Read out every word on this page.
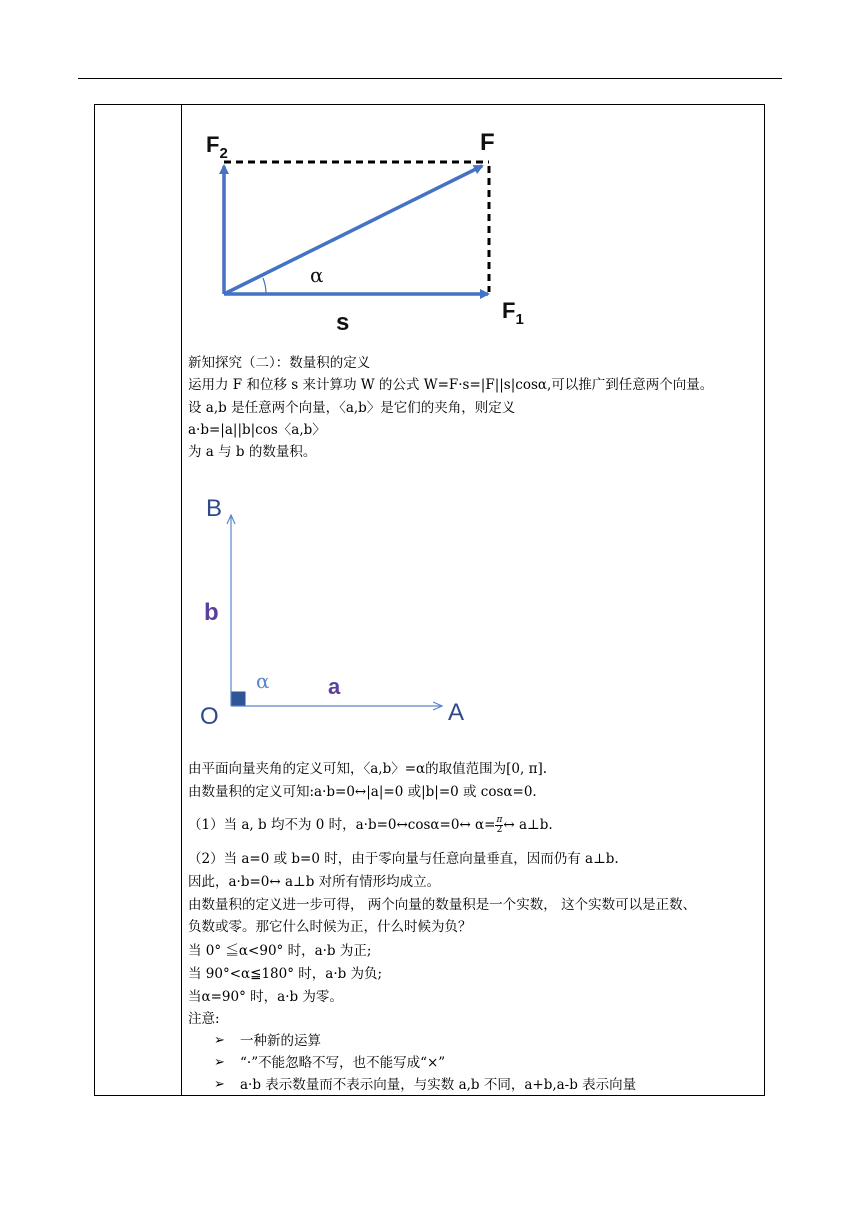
$F_2$	F
$F_1$
α
s
新知探究（二）：数量积的定义
运用力 F 和位移 s 来计算功 W 的公式 W=F·s=|F||s|cosα,可以推广到任意两个向量。
设 a,b 是任意两个向量，〈a,b〉是它们的夹角，则定义
a·b=|a||b|cos〈a,b〉
为 a 与 b 的数量积。
B
b
α	a
O	A
由平面向量夹角的定义可知，〈a,b〉=α的取值范围为[0, π].
由数量积的定义可知:a·b=0↔|a|=0 或|b|=0 或 cosα=0.
（1）当 a, b 均不为 0 时，a·b=0↔cosα=0↔ $\alpha= \frac{\pi}{2}$ ↔ a⊥b.
（2）当 a=0 或 b=0 时，由于零向量与任意向量垂直，因而仍有 a⊥b.
因此，a·b=0↔ a⊥b 对所有情形均成立。
由数量积的定义进一步可得， 两个向量的数量积是一个实数， 这个实数可以是正数、
负数或零。那它什么时候为正，什么时候为负？
当 0° ≦α<90° 时，a·b 为正;
当 90°<α≦180° 时，a·b 为负;
当α=90° 时，a·b 为零。
注意:
➢ 一种新的运算
➢ “·”不能忽略不写，也不能写成“×”
➢ a·b 表示数量而不表示向量，与实数 a,b 不同，a+b,a-b 表示向量
